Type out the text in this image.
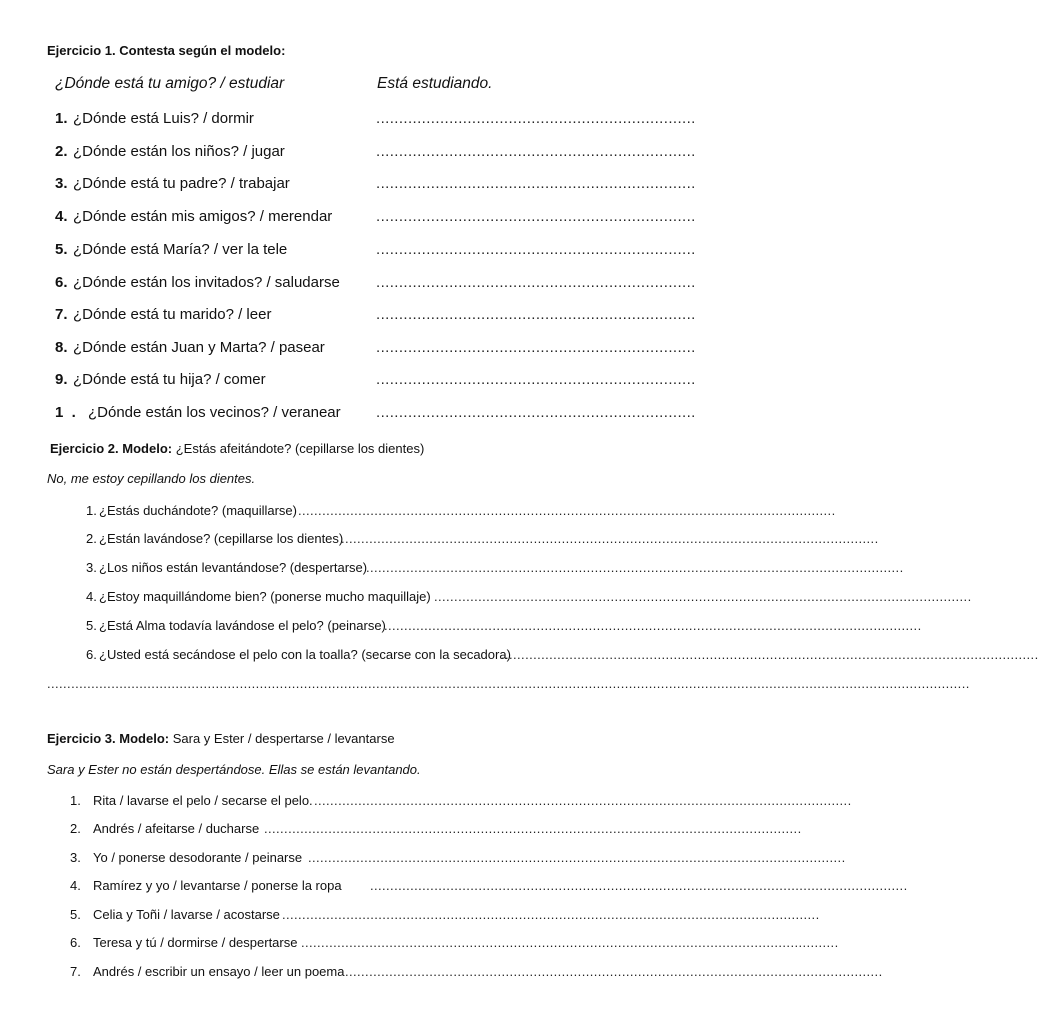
Ejercicio 1. Contesta según el modelo:
¿Dónde está tu amigo? / estudiar	Está estudiando.
1. ¿Dónde está Luis? / dormir	......................................................................
2. ¿Dónde están los niños? / jugar	......................................................................
3. ¿Dónde está tu padre? / trabajar	......................................................................
4. ¿Dónde están mis amigos? / merendar	......................................................................
5. ¿Dónde está María? / ver la tele	......................................................................
6. ¿Dónde están los invitados? / saludarse ......................................................................
7. ¿Dónde está tu marido? / leer	......................................................................
8. ¿Dónde están Juan y Marta? / pasear	......................................................................
9. ¿Dónde está tu hija? / comer	......................................................................
1  . ¿Dónde están los vecinos? / veranear ......................................................................
Ejercicio 2. Modelo: ¿Estás afeitándote? (cepillarse los dientes)
No, me estoy cepillando los dientes.
1. ¿Estás duchándote? (maquillarse) ......................................................................................................................................
2. ¿Están lavándose? (cepillarse los dientes)
......................................................................................................................................
3. ¿Los niños están levantándose? (despertarse)
......................................................................................................................................
4. ¿Estoy maquillándome bien? (ponerse mucho maquillaje) ......................................................................................................................................
5. ¿Está Alma todavía lavándose el pelo? (peinarse)
......................................................................................................................................
6. ¿Usted está secándose el pelo con la toalla? (secarse con la secadora)
......................................................................................................................................
......................................................................................................................................................................................................................................
Ejercicio 3. Modelo: Sara y Ester / despertarse / levantarse
Sara y Ester no están despertándose. Ellas se están levantando.
1. Rita / lavarse el pelo / secarse el pelo. ......................................................................................................................................
2. Andrés / afeitarse / ducharse ......................................................................................................................................
3. Yo / ponerse desodorante / peinarse ......................................................................................................................................
4. Ramírez y yo / levantarse / ponerse la ropa ......................................................................................................................................
5. Celia y Toñi / lavarse / acostarse ......................................................................................................................................
6. Teresa y tú / dormirse / despertarse ......................................................................................................................................
7. Andrés / escribir un ensayo / leer un poema ......................................................................................................................................
